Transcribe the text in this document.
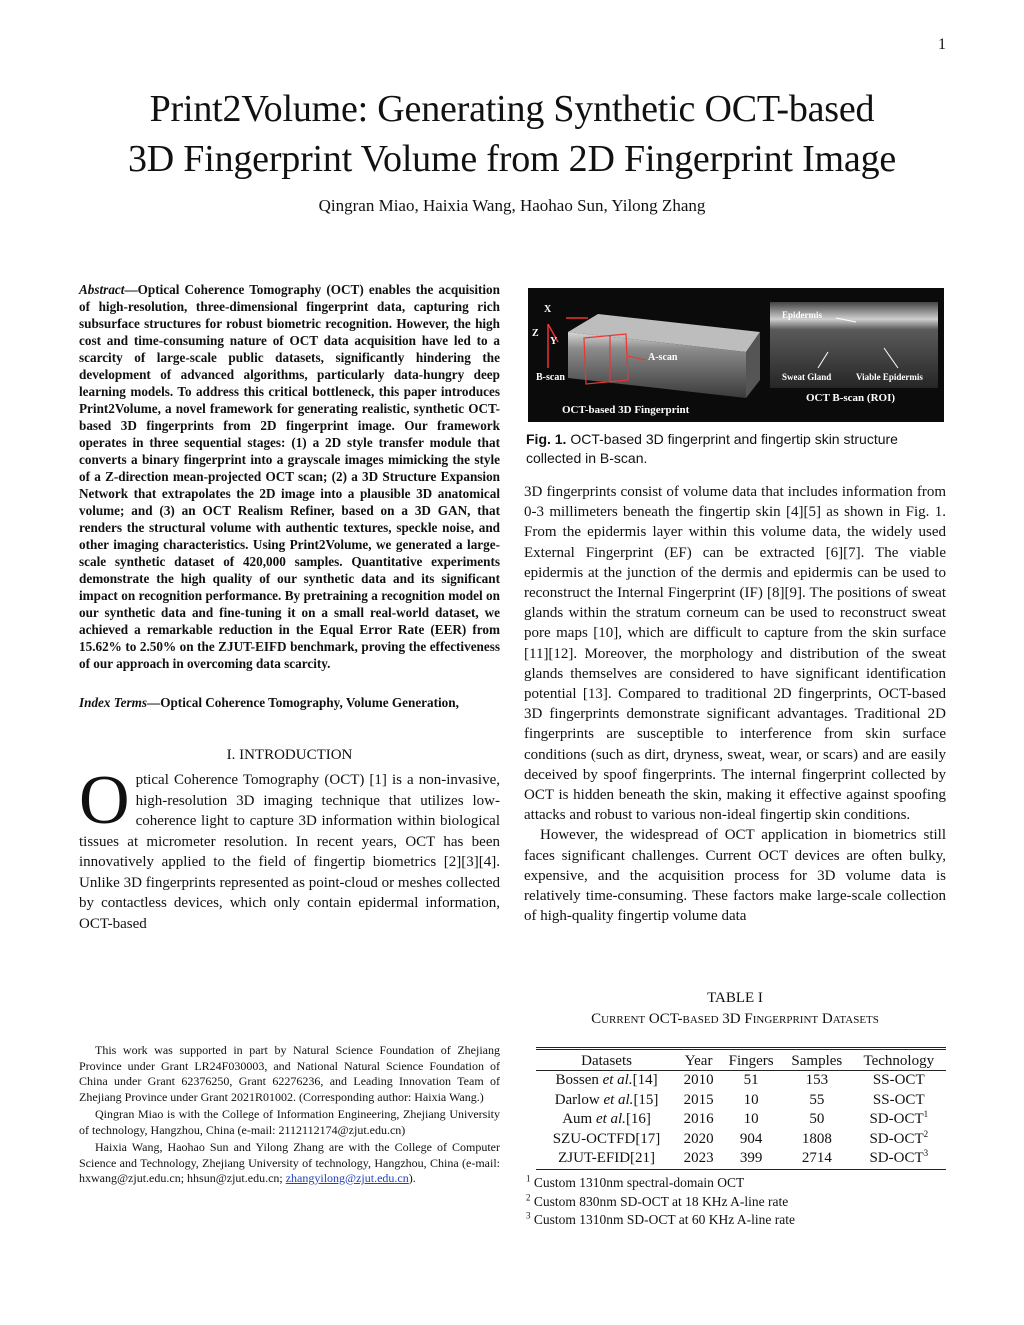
1
Print2Volume: Generating Synthetic OCT-based
3D Fingerprint Volume from 2D Fingerprint Image
Qingran Miao, Haixia Wang, Haohao Sun, Yilong Zhang

Abstract—Optical Coherence Tomography (OCT) enables the acquisition of high-resolution, three-dimensional fingerprint data, capturing rich subsurface structures for robust biometric recognition. However, the high cost and time-consuming nature of OCT data acquisition have led to a scarcity of large-scale public datasets, significantly hindering the development of advanced algorithms, particularly data-hungry deep learning models. To address this critical bottleneck, this paper introduces Print2Volume, a novel framework for generating realistic, synthetic OCT-based 3D fingerprints from 2D fingerprint image. Our framework operates in three sequential stages: (1) a 2D style transfer module that converts a binary fingerprint into a grayscale images mimicking the style of a Z-direction mean-projected OCT scan; (2) a 3D Structure Expansion Network that extrapolates the 2D image into a plausible 3D anatomical volume; and (3) an OCT Realism Refiner, based on a 3D GAN, that renders the structural volume with authentic textures, speckle noise, and other imaging characteristics. Using Print2Volume, we generated a large-scale synthetic dataset of 420,000 samples. Quantitative experiments demonstrate the high quality of our synthetic data and its significant impact on recognition performance. By pretraining a recognition model on our synthetic data and fine-tuning it on a small real-world dataset, we achieved a remarkable reduction in the Equal Error Rate (EER) from 15.62% to 2.50% on the ZJUT-EIFD benchmark, proving the effectiveness of our approach in overcoming data scarcity.

Index Terms—Optical Coherence Tomography, Volume Generation,
I. INTRODUCTION

Optical Coherence Tomography (OCT) [1] is a non-invasive, high-resolution 3D imaging technique that utilizes low-coherence light to capture 3D information within biological tissues at micrometer resolution. In recent years, OCT has been innovatively applied to the field of fingertip biometrics [2][3][4]. Unlike 3D fingerprints represented as point-cloud or meshes collected by contactless devices, which only contain epidermal information, OCT-based

This work was supported in part by Natural Science Foundation of Zhejiang Province under Grant LR24F030003, and National Natural Science Foundation of China under Grant 62376250, Grant 62276236, and Leading Innovation Team of Zhejiang Province under Grant 2021R01002. (Corresponding author: Haixia Wang.)

Qingran Miao is with the College of Information Engineering, Zhejiang University of technology, Hangzhou, China (e-mail: 2112112174@zjut.edu.cn)

Haixia Wang, Haohao Sun and Yilong Zhang are with the College of Computer Science and Technology, Zhejiang University of technology, Hangzhou, China (e-mail: hxwang@zjut.edu.cn; hhsun@zjut.edu.cn; zhangyilong@zjut.edu.cn).

X
Z
Y
A-scan
B-scan
OCT-based 3D Fingerprint
Epidermis
Sweat Gland	Viable Epidermis
OCT B-scan (ROI)
Fig. 1. OCT-based 3D fingerprint and fingertip skin structure collected in B-scan.

3D fingerprints consist of volume data that includes information from 0-3 millimeters beneath the fingertip skin [4][5] as shown in Fig. 1. From the epidermis layer within this volume data, the widely used External Fingerprint (EF) can be extracted [6][7]. The viable epidermis at the junction of the dermis and epidermis can be used to reconstruct the Internal Fingerprint (IF) [8][9]. The positions of sweat glands within the stratum corneum can be used to reconstruct sweat pore maps [10], which are difficult to capture from the skin surface [11][12]. Moreover, the morphology and distribution of the sweat glands themselves are considered to have significant identification potential [13]. Compared to traditional 2D fingerprints, OCT-based 3D fingerprints demonstrate significant advantages. Traditional 2D fingerprints are susceptible to interference from skin surface conditions (such as dirt, dryness, sweat, wear, or scars) and are easily deceived by spoof fingerprints. The internal fingerprint collected by OCT is hidden beneath the skin, making it effective against spoofing attacks and robust to various non-ideal fingertip skin conditions.

However, the widespread of OCT application in biometrics still faces significant challenges. Current OCT devices are often bulky, expensive, and the acquisition process for 3D volume data is relatively time-consuming. These factors make large-scale collection of high-quality fingertip volume data

TABLE I
Current OCT-based 3D Fingerprint Datasets
Datasets	Year	Fingers	Samples	Technology
Bossen et al.[14]	2010	51	153	SS-OCT
Darlow et al.[15]	2015	10	55	SS-OCT
Aum et al.[16]	2016	10	50	SD-OCT$^1$
SZU-OCTFD[17]	2020	904	1808	SD-OCT$^2$
ZJUT-EFID[21]	2023	399	2714	SD-OCT$^3$
$^1$ Custom 1310nm spectral-domain OCT
$^2$ Custom 830nm SD-OCT at 18 KHz A-line rate
$^3$ Custom 1310nm SD-OCT at 60 KHz A-line rate
